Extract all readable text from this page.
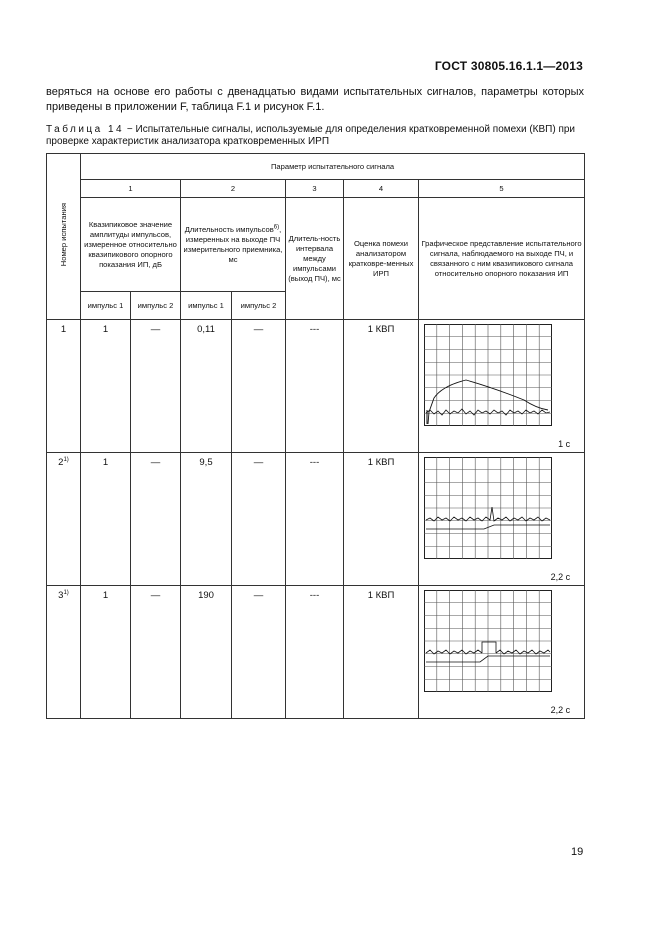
ГОСТ 30805.16.1.1—2013
веряться на основе его работы с двенадцатью видами испытательных сигналов, параметры которых приведены в приложении F, таблица F.1 и рисунок F.1.
Таблица 14 − Испытательные сигналы, используемые для определения кратковременной помехи (КВП) при проверке характеристик анализатора кратковременных ИРП
Номер испытания	Параметр испытательного сигнала						
	1		2		3	4	5
	Квазипиковое значение амплитуды импульсов, измеренное относительно квазипикового опорного показания ИП, дБ		Длительность импульсов$^{6)}$, измеренных на выходе ПЧ измерительного приемника, мс		Длитель-ность интервала между импульсами (выход ПЧ), мс	Оценка помехи анализатором кратковре-менных ИРП	Графическое представление испытательного сигнала, наблюдаемого на выходе ПЧ, и связанного с ним квазипикового сигнала относительно опорного показания ИП
	импульс 1	импульс 2	импульс 1	импульс 2			
1	1	—	0,11	—	---	1 КВП	1 с

2$^{1)}$	1	—	9,5	—	---	1 КВП	2,2 с

3$^{1)}$	1	—	190	—	---	1 КВП	2,2 с
19
